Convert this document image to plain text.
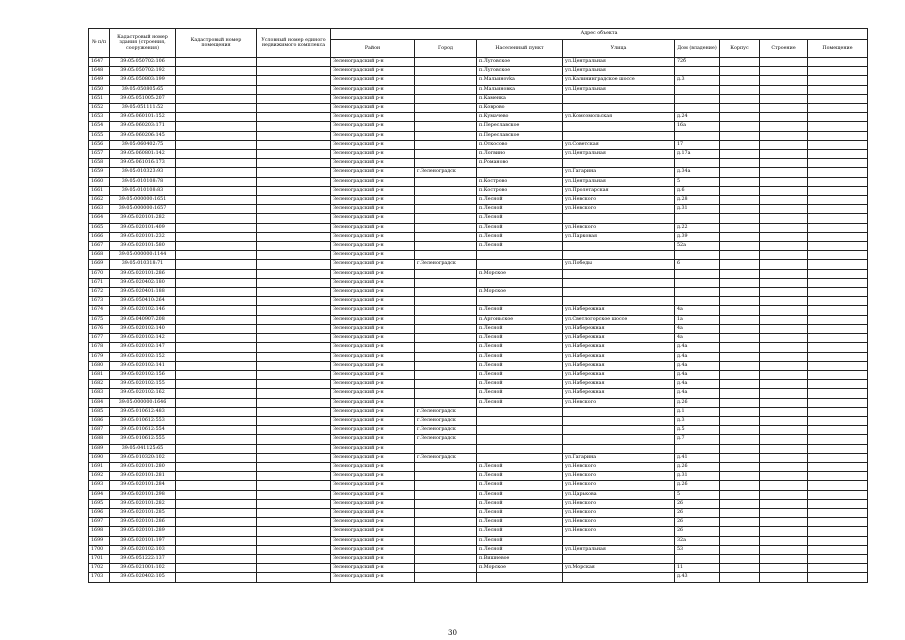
№ п/п	Кадастровый номер здания (строения, сооружения)	Кадастровый номер помещения	Условный номер единого недвижимого комплекса	Адрес объекта							
				Район	Город	Населенный пункт	Улица	Дом (владение)	Корпус	Строение	Помещение
1647	39:05:050702:106			Зеленоградский р-н		п.Луговское	ул.Центральная	72б			
1648	39:05:050702:192			Зеленоградский р-н		п.Луговское	ул.Центральная				
1649	39:05:050803:199			Зеленоградский р-н		п.Мальинovka	ул.Калининградское шоссе	д.3			
1650	39:05:050805:65			Зеленоградский р-н		п.Мальиновка	ул.Центральная				
1651	39:05:051005:207			Зеленоградский р-н		п.Каменка					
1652	39:05:051111:52			Зеленоградский р-н		п.Коврово					
1653	39:05:060101:152			Зеленоградский р-н		п.Кумачево	ул.Комсомольская	д.24			
1654	39:05:060203:171			Зеленоградский р-н		п.Переславское		16а			
1655	39:05:060206:145			Зеленоградский р-н		п.Переславское					
1656	39:05:060402:75			Зеленоградский р-н		п.Откосово	ул.Советская	17			
1657	39:05:060801:142			Зеленоградский р-н		п.Логвино	ул.Центральная	д.17а			
1658	39:05:061016:173			Зеленоградский р-н		п.Романово					
1659	39:05:010323:93			Зеленоградский р-н	г.Зеленоградск		ул.Гагарина	д.34а			
1660	39:05:010108:78			Зеленоградский р-н		п.Кострово	ул.Центральная	5			
1661	39:05:010108:83			Зеленоградский р-н		п.Кострово	ул.Пролетарская	д.6			
1662	39:05:000000:1651			Зеленоградский р-н		п.Лесной	ул.Невского	д.28			
1663	39:05:000000:1657			Зеленоградский р-н		п.Лесной	ул.Невского	д.31			
1664	39:05:020101:282			Зеленоградский р-н		п.Лесной					
1665	39:05:020101:409			Зеленоградский р-н		п.Лесной	ул.Невского	д.22			
1666	39:05:020101:232			Зеленоградский р-н		п.Лесной	ул.Парковая	д.39			
1667	39:05:020101:580			Зеленоградский р-н		п.Лесной		52а			
1668	39:05:000000:1144			Зеленоградский р-н							
1669	39:05:010318:71			Зеленоградский р-н	г.Зеленоградск		ул.Победы	6			
1670	39:05:020101:286			Зеленоградский р-н		п.Морское					
1671	39:05:020402:180			Зеленоградский р-н							
1672	39:05:020401:188			Зеленоградский р-н		п.Морское					
1673	39:05:050410:264			Зеленоградский р-н							
1674	39:05:020102:146			Зеленоградский р-н		п.Лесной	ул.Набережная	4а			
1675	39:05:040907:208			Зеленоградский р-н		п.Аргоньское	ул.Светлогорское шоссе	1а			
1676	39:05:020102:140			Зеленоградский р-н		п.Лесной	ул.Набережная	4а			
1677	39:05:020102:142			Зеленоградский р-н		п.Лесной	ул.Набережная	4а			
1678	39:05:020102:147			Зеленоградский р-н		п.Лесной	ул.Набережная	д.4а			
1679	39:05:020102:152			Зеленоградский р-н		п.Лесной	ул.Набережная	д.4а			
1680	39:05:020102:141			Зеленоградский р-н		п.Лесной	ул.Набережная	д.4а			
1681	39:05:020102:156			Зеленоградский р-н		п.Лесной	ул.Набережная	д.4а			
1682	39:05:020102:155			Зеленоградский р-н		п.Лесной	ул.Набережная	д.4а			
1683	39:05:020102:162			Зеленоградский р-н		п.Лесной	ул.Набережная	д.4а			
1684	39:05:000000:1646			Зеленоградский р-н		п.Лесной	ул.Невского	д.26			
1685	39:05:010612:483			Зеленоградский р-н	г.Зеленоградск			д.1			
1686	39:05:010612:553			Зеленоградский р-н	г.Зеленоградск			д.3			
1687	39:05:010612:554			Зеленоградский р-н	г.Зеленоградск			д.5			
1688	39:05:010612:555			Зеленоградский р-н	г.Зеленоградск			д.7			
1689	39:05:041125:65			Зеленоградский р-н							
1690	39:05:010320:102			Зеленоградский р-н	г.Зеленоградск		ул.Гагарина	д.41			
1691	39:05:020101:280			Зеленоградский р-н		п.Лесной	ул.Невского	д.26			
1692	39:05:020101:281			Зеленоградский р-н		п.Лесной	ул.Невского	д.31			
1693	39:05:020101:284			Зеленоградский р-н		п.Лесной	ул.Невского	д.26			
1694	39:05:020101:298			Зеленоградский р-н		п.Лесной	ул.Царькова	5			
1695	39:05:020101:282			Зеленоградский р-н		п.Лесной	ул.Невского	26			
1696	39:05:020101:285			Зеленоградский р-н		п.Лесной	ул.Невского	26			
1697	39:05:020101:286			Зеленоградский р-н		п.Лесной	ул.Невского	26			
1698	39:05:020101:289			Зеленоградский р-н		п.Лесной	ул.Невского	26			
1699	39:05:020101:197			Зеленоградский р-н		п.Лесной		32а			
1700	39:05:020102:103			Зеленоградский р-н		п.Лесной	ул.Центральная	53			
1701	39:05:051222:137			Зеленоградский р-н		п.Вишневое					
1702	39:05:021001:102			Зеленоградский р-н		п.Морское	ул.Морская	11			
1703	39:05:020402:105			Зеленоградский р-н				д.43			
30
